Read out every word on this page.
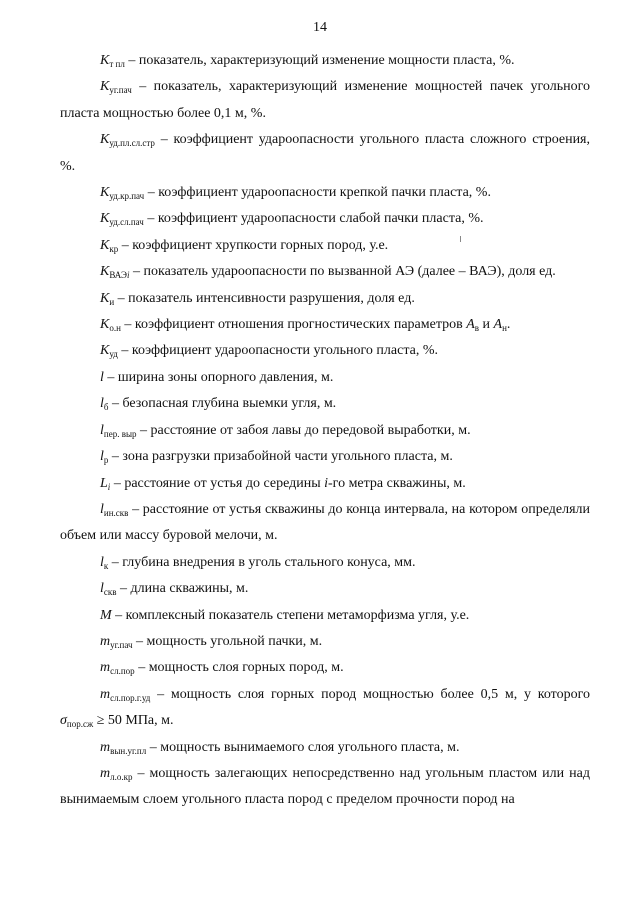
14

$K_{т пл}$ – показатель, характеризующий изменение мощности пласта, %.

$K_{уг.пач}$ – показатель, характеризующий изменение мощностей пачек угольного пласта мощностью более 0,1 м, %.

$K_{уд.пл.сл.стр}$ – коэффициент удароопасности угольного пласта сложного строения, %.

$K_{уд.кр.пач}$ – коэффициент удароопасности крепкой пачки пласта, %.

$K_{уд.сл.пач}$ – коэффициент удароопасности слабой пачки пласта, %.

$K_{кр}$ – коэффициент хрупкости горных пород, у.е.

$K_{ВАЭi}$ – показатель удароопасности по вызванной АЭ (далее – ВАЭ), доля ед.

$K_и$ – показатель интенсивности разрушения, доля ед.

$K_{о.н}$ – коэффициент отношения прогностических параметров $A_в$ и $A_н$.

$K_{уд}$ – коэффициент удароопасности угольного пласта, %.

l – ширина зоны опорного давления, м.

$l_б$ – безопасная глубина выемки угля, м.

$l_{пер. выр}$ – расстояние от забоя лавы до передовой выработки, м.

$l_р$ – зона разгрузки призабойной части угольного пласта, м.

$L_i$ – расстояние от устья до середины i-го метра скважины, м.

$l_{ин.скв}$ – расстояние от устья скважины до конца интервала, на котором определяли объем или массу буровой мелочи, м.

$l_к$ – глубина внедрения в уголь стального конуса, мм.

$l_{скв}$ – длина скважины, м.

M – комплексный показатель степени метаморфизма угля, у.е.

$m_{уг.пач}$ – мощность угольной пачки, м.

$m_{сл.пор}$ – мощность слоя горных пород, м.

$m_{сл.пор.г.уд}$ – мощность слоя горных пород мощностью более 0,5 м, у которого $\sigma_{пор.сж} \ge 50$ МПа, м.

$m_{вын.уг.пл}$ – мощность вынимаемого слоя угольного пласта, м.

$m_{л.о.кр}$ – мощность залегающих непосредственно над угольным пластом или над вынимаемым слоем угольного пласта пород с пределом прочности пород на
